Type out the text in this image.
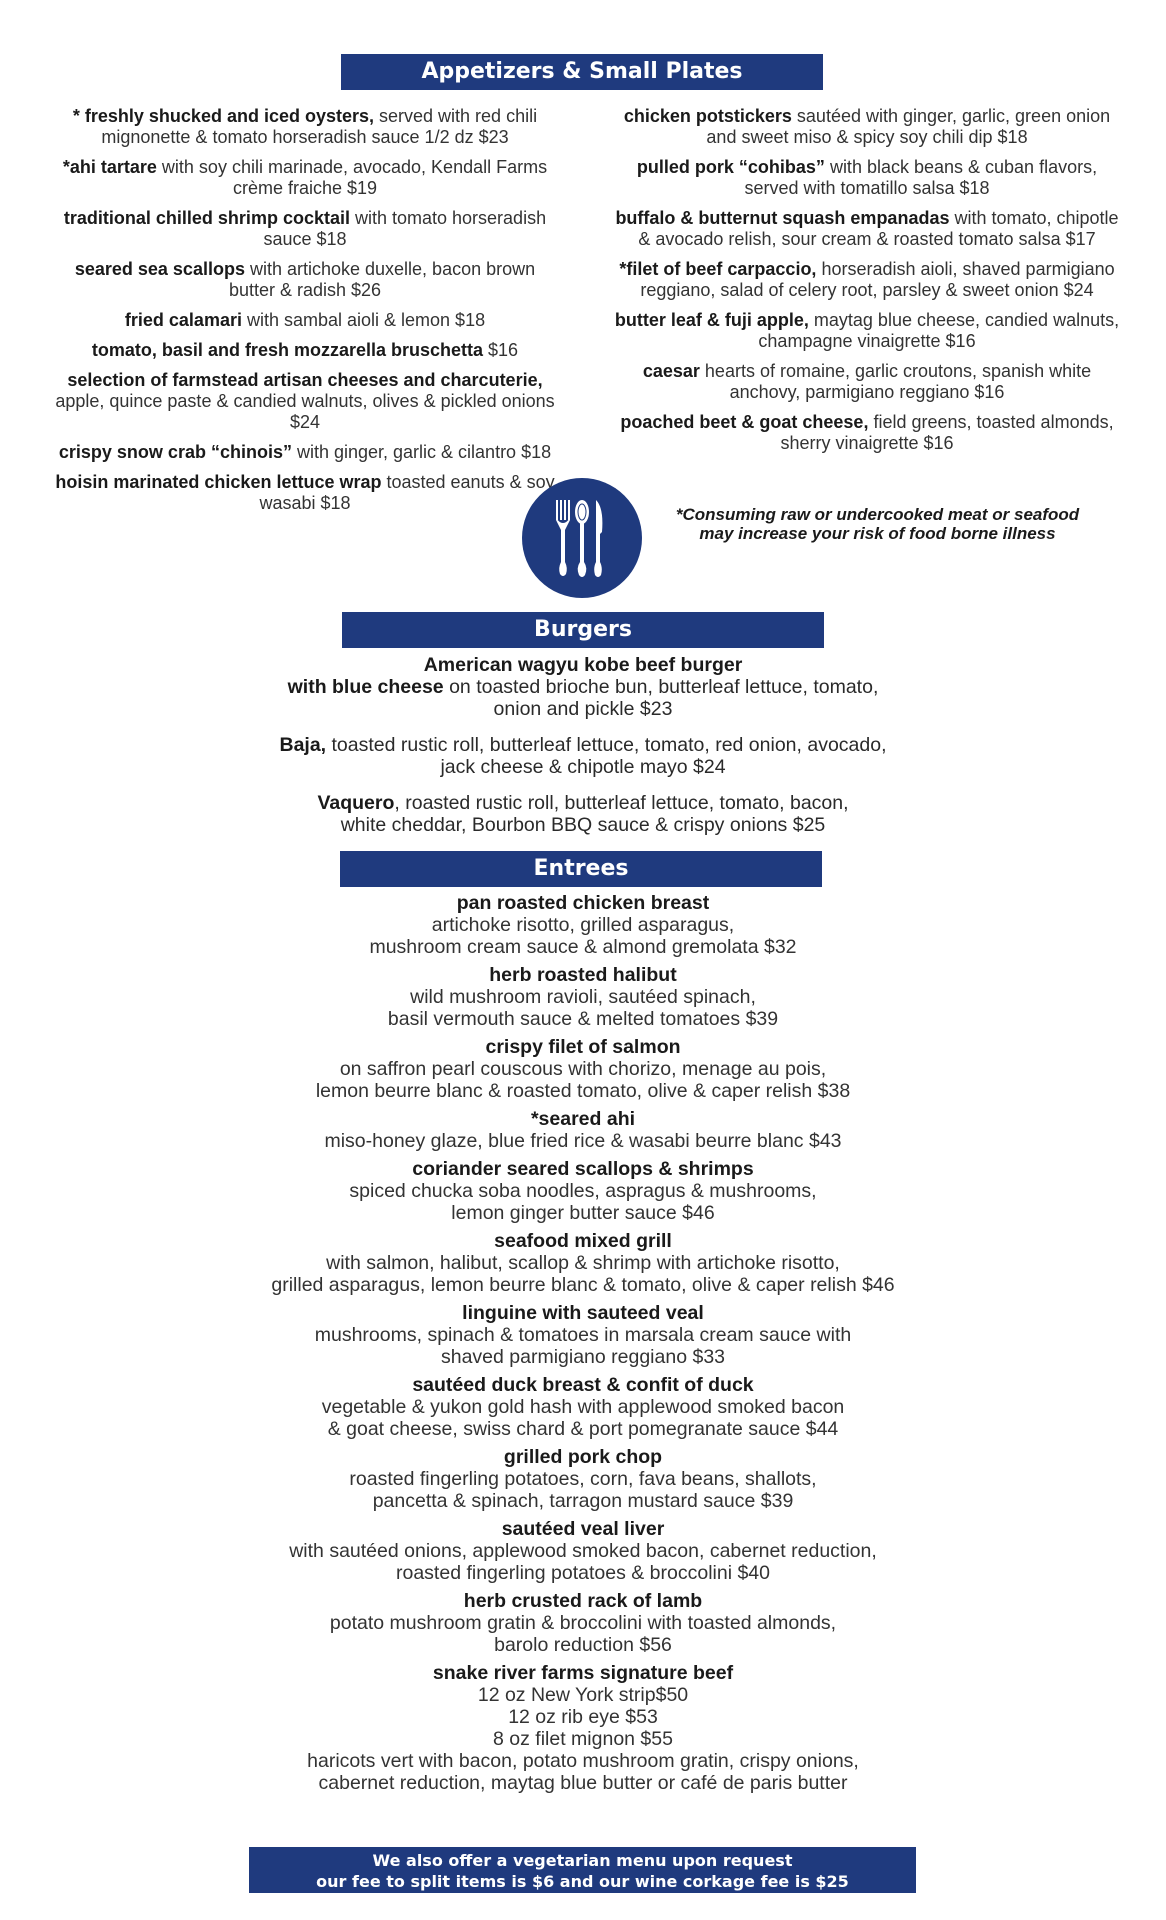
Appetizers & Small Plates
* freshly shucked and iced oysters, served with red chili mignonette & tomato horseradish sauce 1/2 dz $23
*ahi tartare with soy chili marinade, avocado, Kendall Farms crème fraiche $19
traditional chilled shrimp cocktail with tomato horseradish sauce $18
seared sea scallops with artichoke duxelle, bacon brown butter & radish $26
fried calamari with sambal aioli & lemon $18
tomato, basil and fresh mozzarella bruschetta $16
selection of farmstead artisan cheeses and charcuterie, apple, quince paste & candied walnuts, olives & pickled onions $24
crispy snow crab “chinois” with ginger, garlic & cilantro $18
hoisin marinated chicken lettuce wrap toasted eanuts & soy wasabi $18
chicken potstickers sautéed with ginger, garlic, green onion and sweet miso & spicy soy chili dip $18
pulled pork “cohibas” with black beans & cuban flavors, served with tomatillo salsa $18
buffalo & butternut squash empanadas with tomato, chipotle & avocado relish, sour cream & roasted tomato salsa $17
*filet of beef carpaccio, horseradish aioli, shaved parmigiano reggiano, salad of celery root, parsley & sweet onion $24
butter leaf & fuji apple, maytag blue cheese, candied walnuts, champagne vinaigrette $16
caesar hearts of romaine, garlic croutons, spanish white anchovy, parmigiano reggiano $16
poached beet & goat cheese, field greens, toasted almonds, sherry vinaigrette $16
*Consuming raw or undercooked meat or seafood
may increase your risk of food borne illness
Burgers
American wagyu kobe beef burger
with blue cheese on toasted brioche bun, butterleaf lettuce, tomato,
onion and pickle $23
Baja, toasted rustic roll, butterleaf lettuce, tomato, red onion, avocado,
jack cheese & chipotle mayo $24
Vaquero, roasted rustic roll, butterleaf lettuce, tomato, bacon,
white cheddar, Bourbon BBQ sauce & crispy onions $25
Entrees
pan roasted chicken breast
artichoke risotto, grilled asparagus,
mushroom cream sauce & almond gremolata $32
herb roasted halibut
wild mushroom ravioli, sautéed spinach,
basil vermouth sauce & melted tomatoes $39
crispy filet of salmon
on saffron pearl couscous with chorizo, menage au pois,
lemon beurre blanc & roasted tomato, olive & caper relish $38
*seared ahi
miso-honey glaze, blue fried rice & wasabi beurre blanc $43
coriander seared scallops & shrimps
spiced chucka soba noodles, aspragus & mushrooms,
lemon ginger butter sauce $46
seafood mixed grill
with salmon, halibut, scallop & shrimp with artichoke risotto,
grilled asparagus, lemon beurre blanc & tomato, olive & caper relish $46
linguine with sauteed veal
mushrooms, spinach & tomatoes in marsala cream sauce with
shaved parmigiano reggiano $33
sautéed duck breast & confit of duck
vegetable & yukon gold hash with applewood smoked bacon
& goat cheese, swiss chard & port pomegranate sauce $44
grilled pork chop
roasted fingerling potatoes, corn, fava beans, shallots,
pancetta & spinach, tarragon mustard sauce $39
sautéed veal liver
with sautéed onions, applewood smoked bacon, cabernet reduction,
roasted fingerling potatoes & broccolini $40
herb crusted rack of lamb
potato mushroom gratin & broccolini with toasted almonds,
barolo reduction $56
snake river farms signature beef
12 oz New York strip$50
12 oz rib eye $53
8 oz filet mignon $55
haricots vert with bacon, potato mushroom gratin, crispy onions,
cabernet reduction, maytag blue butter or café de paris butter
We also offer a vegetarian menu upon request
our fee to split items is $6 and our wine corkage fee is $25
